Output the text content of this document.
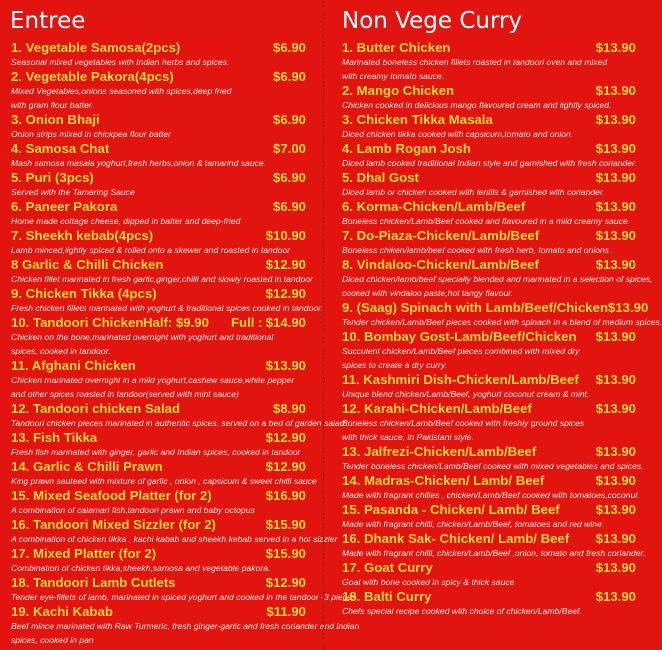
Entree
1. Vegetable Samosa(2pcs)	$6.90
Seasonal mixed vegetables with Indian herbs and spices.
2. Vegetable Pakora(4pcs)	$6.90
Mixed Vegetables,onions seasoned with spices,deep fried
with gram flour batter.
3. Onion Bhaji	$6.90
Onion strips mixed in chickpea flour batter
4. Samosa Chat	$7.00
Mash samosa masala yoghurt,fresh herbs,onion & tamarind sauce.
5. Puri (3pcs)	$6.90
Served with the Tamaring Sauce
6. Paneer Pakora	$6.90
Home made cottage cheese, dipped in batter and deep-fried
7. Sheekh kebab(4pcs)	$10.90
Lamb minced,lightly spiced & rolled onto a skewer and roasted in tandoor
8 Garlic & Chilli Chicken	$12.90
Chicken fillet marinated in fresh garlic,ginger,chilli and slowly roasted in tandoor
9. Chicken Tikka (4pcs)	$12.90
Fresh chicken fillets marinated with yoghurt & traditional spices cooked in tandoor.
10. Tandoori Chicken Half: $9.90 Full : $14.90
Chicken on the bone,marinated overnight with yoghurt and traditional
spices, cooked in tandoor.
11. Afghani Chicken	$13.90
Chicken marinated overnight in a mild yoghurt,cashew sauce,white pepper
and other spices roasted in tandoor(served with mint sauce)
12. Tandoori chicken Salad	$8.90
Tandoori chicken pieces marinated in authentic spices, served on a bed of garden salad
13. Fish Tikka	$12.90
Fresh fish marinated with ginger, garlic and Indian spices, cooked in tandoor
14. Garlic & Chilli Prawn	$12.90
King prawn sauteed with mixture of garlic , onion , capsicum & sweet chilli sauce
15. Mixed Seafood Platter (for 2)	$16.90
A combination of calamari fish,tandoori prawn and baby octopus
16. Tandoori Mixed Sizzler (for 2)	$15.90
A combination of chicken tikka , kachi kabab and sheekh kebab served in a hot sizzler
17. Mixed Platter (for 2)	$15.90
Combination of chicken tikka,sheekh,samosa and vegetable pakora.
18. Tandoori Lamb Cutlets	$12.90
Tender eye-fillets of lamb, marinated in spiced yoghurt and cooked in the tandoor -3 pieces
19. Kachi Kabab	$11.90
Beef mince marinated with Raw Turmeric, fresh ginger-garlic and fresh coriander and indian
spices, cooked in pan
Non Vege Curry
1. Butter Chicken	$13.90
Marinated boneless chicken fillets roasted in tandoori oven and mixed
with creamy tomato sauce.
2. Mango Chicken	$13.90
Chicken cooked in delicious mango flavoured cream and lightly spiced.
3. Chicken Tikka Masala	$13.90
Diced chicken tikka cooked with capsicum,tomato and onion.
4. Lamb Rogan Josh	$13.90
Diced lamb cooked traditional Indian style and garnished with fresh coriander.
5. Dhal Gost	$13.90
Diced lamb or chicken cooked with lentils & garnished with coriander.
6. Korma-Chicken/Lamb/Beef	$13.90
Boneless chicken/Lamb/Beef cooked and flavoured in a mild creamy sauce.
7. Do-Piaza-Chicken/Lamb/Beef	$13.90
Boneless chiken/lamb/beef cooked with fresh herb, tomato and onions .
8. Vindaloo-Chicken/Lamb/Beef	$13.90
Diced chicken/lamb/beef specially blended and marinated in a selection of spices,
cooked with vindaloo paste,hot tangy flavour.
9. (Saag) Spinach with Lamb/Beef/Chicken $13.90
Tender chicken/Lamb/Beef pieces cooked with spinach in a blend of medium spices.
10. Bombay Gost-Lamb/Beef/Chicken $13.90
Succulent chicken/Lamb/Beef pieces combined with mixed dry
spices to create a dry curry.
11. Kashmiri Dish-Chicken/Lamb/Beef $13.90
Unique blend chicken/Lamb/Beef, yoghurt coconut cream & mint.
12. Karahi-Chicken/Lamb/Beef	$13.90
Boneless chicken/Lamb/Beef cooked with freshly ground spices
with thick sauce, in Pakistani style.
13. Jalfrezi-Chicken/Lamb/Beef	$13.90
Tender boneless chicken/Lamb/Beef cooked with mixed vegetables and spices.
14. Madras-Chicken/ Lamb/ Beef	$13.90
Made with fragrant chilies , chicken/Lamb/Beef cooked with tomatoes,coconut.
15. Pasanda - Chicken/ Lamb/ Beef	$13.90
Made with fragrant chilli, chicken/Lamb/Beef, tomatoes and red wine.
16. Dhank Sak- Chicken/ Lamb/ Beef $13.90
Made with fragrant chilli, chicken/Lamb/Beef ,onion, tomato and fresh coriander.
17. Goat Curry	$13.90
Goat with bone cooked in spicy & thick sauce
18. Balti Curry	$13.90
Chefs special recipe cooked with choice of chicken/Lamb/Beef.
